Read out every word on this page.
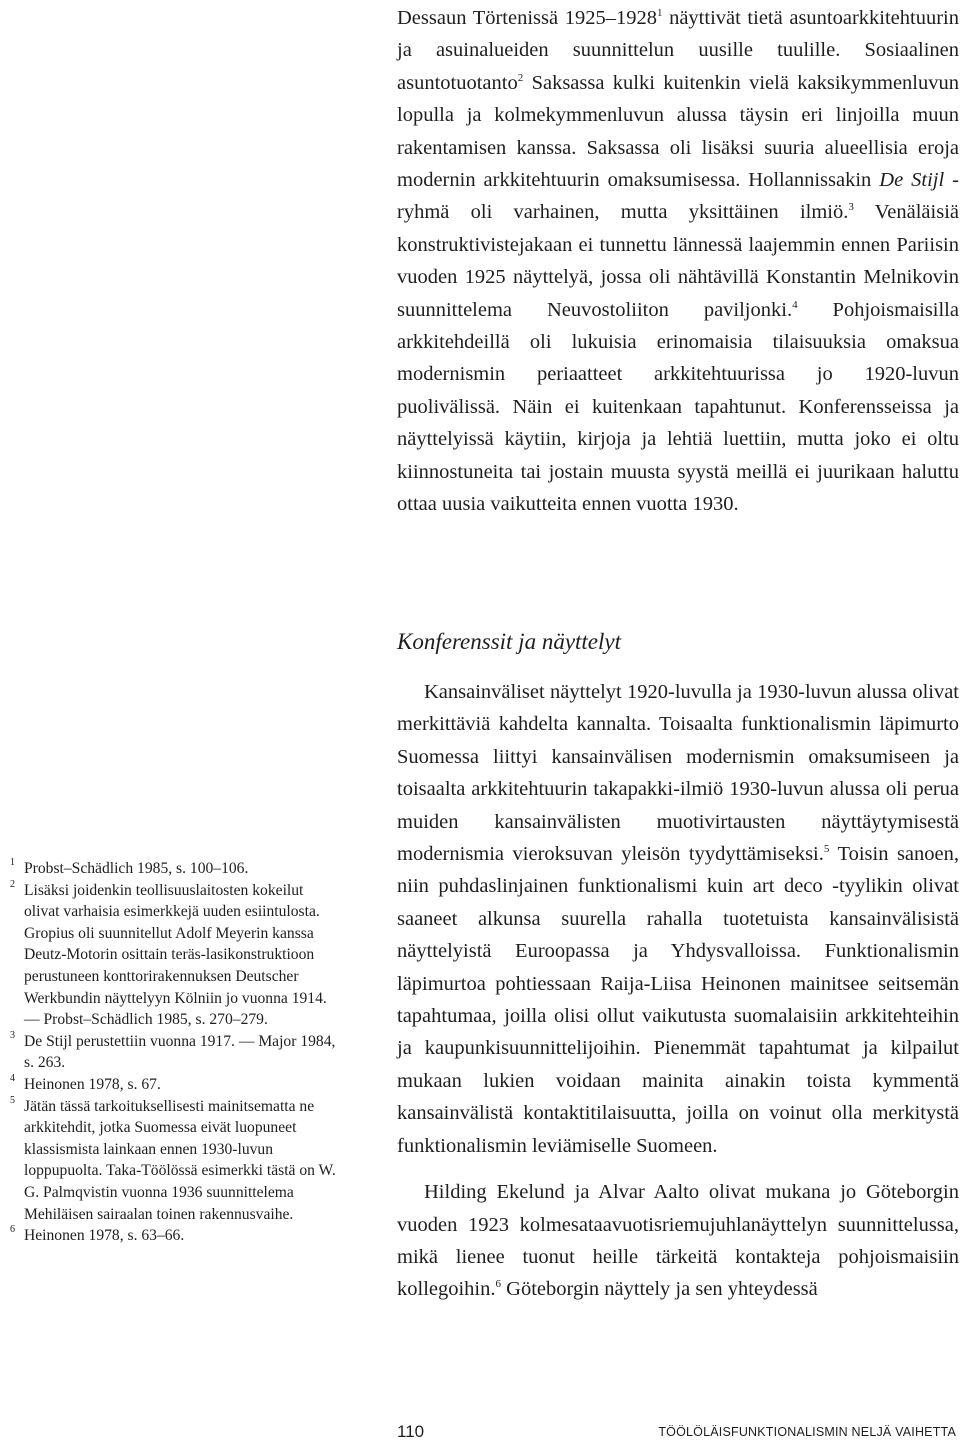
Dessaun Törtenissä 1925–1928$^1$ näyttivät tietä asuntoarkkitehtuurin ja asuinalueiden suunnittelun uusille tuulille. Sosiaalinen asuntotuotanto$^2$ Saksassa kulki kuitenkin vielä kaksikymmenluvun lopulla ja kolmekymmenluvun alussa täysin eri linjoilla muun rakentamisen kanssa. Saksassa oli lisäksi suuria alueellisia eroja modernin arkkitehtuurin omaksumisessa. Hollannissakin De Stijl -ryhmä oli varhainen, mutta yksittäinen ilmiö.$^3$ Venäläisiä konstruktivistejakaan ei tunnettu lännessä laajemmin ennen Pariisin vuoden 1925 näyttelyä, jossa oli nähtävillä Konstantin Melnikovin suunnittelema Neuvostoliiton paviljonki.$^4$ Pohjoismaisilla arkkitehdeillä oli lukuisia erinomaisia tilaisuuksia omaksua modernismin periaatteet arkkitehtuurissa jo 1920-luvun puolivälissä. Näin ei kuitenkaan tapahtunut. Konferensseissa ja näyttelyissä käytiin, kirjoja ja lehtiä luettiin, mutta joko ei oltu kiinnostuneita tai jostain muusta syystä meillä ei juurikaan haluttu ottaa uusia vaikutteita ennen vuotta 1930.

Konferenssit ja näyttelyt

Kansainväliset näyttelyt 1920-luvulla ja 1930-luvun alussa olivat merkittäviä kahdelta kannalta. Toisaalta funktionalismin läpimurto Suomessa liittyi kansainvälisen modernismin omaksumiseen ja toisaalta arkkitehtuurin takapakki-ilmiö 1930-luvun alussa oli perua muiden kansainvälisten muotivirtausten näyttäytymisestä modernismia vieroksuvan yleisön tyydyttämiseksi.$^5$ Toisin sanoen, niin puhdaslinjainen funktionalismi kuin art deco -tyylikin olivat saaneet alkunsa suurella rahalla tuotetuista kansainvälisistä näyttelyistä Euroopassa ja Yhdysvalloissa. Funktionalismin läpimurtoa pohtiessaan Raija-Liisa Heinonen mainitsee seitsemän tapahtumaa, joilla olisi ollut vaikutusta suomalaisiin arkkitehteihin ja kaupunkisuunnittelijoihin. Pienemmät tapahtumat ja kilpailut mukaan lukien voidaan mainita ainakin toista kymmentä kansainvälistä kontaktitilaisuutta, joilla on voinut olla merkitystä funktionalismin leviämiselle Suomeen.

Hilding Ekelund ja Alvar Aalto olivat mukana jo Göteborgin vuoden 1923 kolmesataavuotisriemujuhlanäyttelyn suunnittelussa, mikä lienee tuonut heille tärkeitä kontakteja pohjoismaisiin kollegoihin.$^6$ Göteborgin näyttely ja sen yhteydessä

1 Probst–Schädlich 1985, s. 100–106.
2 Lisäksi joidenkin teollisuuslaitosten kokeilut olivat varhaisia esimerkkejä uuden esiintulosta. Gropius oli suunnitellut Adolf Meyerin kanssa Deutz-Motorin osittain teräs-lasikonstruktioon perustuneen konttorirakennuksen Deutscher Werkbundin näyttelyyn Kölniin jo vuonna 1914. — Probst–Schädlich 1985, s. 270–279.
3 De Stijl perustettiin vuonna 1917. — Major 1984, s. 263.
4 Heinonen 1978, s. 67.
5 Jätän tässä tarkoituksellisesti mainitsematta ne arkkitehdit, jotka Suomessa eivät luopuneet klassismista lainkaan ennen 1930-luvun loppupuolta. Taka-Töölössä esimerkki tästä on W. G. Palmqvistin vuonna 1936 suunnittelema Mehiläisen sairaalan toinen rakennusvaihe.
6 Heinonen 1978, s. 63–66.
110	TÖÖLÖLÄISFUNKTIONALISMIN NELJÄ VAIHETTA
